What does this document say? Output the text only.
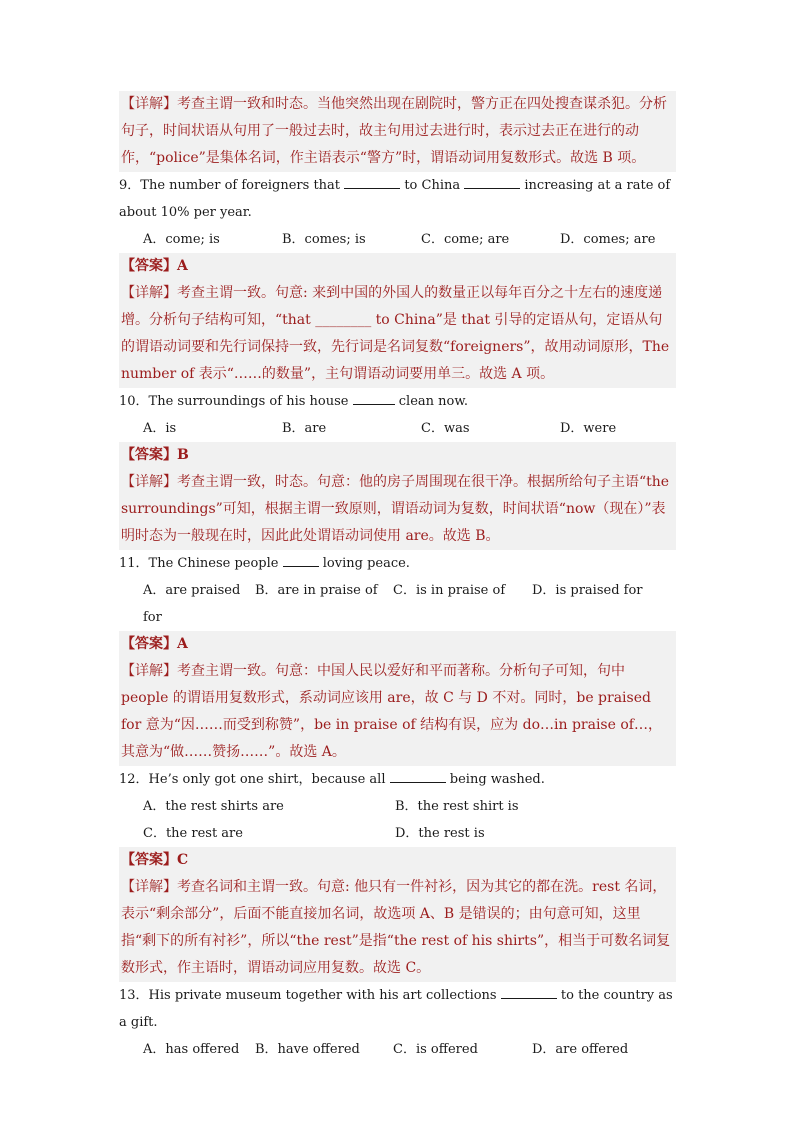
【详解】考查主谓一致和时态。当他突然出现在剧院时，警方正在四处搜查谋杀犯。分析句子，时间状语从句用了一般过去时，故主句用过去进行时，表示过去正在进行的动作，“police”是集体名词，作主语表示“警方”时，谓语动词用复数形式。故选 B 项。
9．The number of foreigners that	to China	increasing at a rate of about 10% per year.
A．come; is	B．comes; is	C．come; are	D．comes; are
【答案】A
【详解】考查主谓一致。句意: 来到中国的外国人的数量正以每年百分之十左右的速度递增。分析句子结构可知，“that ________ to China”是 that 引导的定语从句，定语从句的谓语动词要和先行词保持一致，先行词是名词复数“foreigners”，故用动词原形，The number of 表示“……的数量”，主句谓语动词要用单三。故选 A 项。
10．The surroundings of his house	clean now.
A．is	B．are	C．was	D．were
【答案】B
【详解】考查主谓一致，时态。句意：他的房子周围现在很干净。根据所给句子主语“the surroundings”可知，根据主谓一致原则，谓语动词为复数，时间状语“now（现在）”表明时态为一般现在时，因此此处谓语动词使用 are。故选 B。
11．The Chinese people	loving peace.
A．are praised for
B．are in praise of	C．is in praise of	D．is praised for
【答案】A
【详解】考查主谓一致。句意：中国人民以爱好和平而著称。分析句子可知，句中 people 的谓语用复数形式，系动词应该用 are，故 C 与 D 不对。同时，be praised for 意为“因……而受到称赞”，be in praise of 结构有误，应为 do…in praise of…，其意为“做……赞扬……”。故选 A。
12．He’s only got one shirt，because all	being washed.
A．the rest shirts are	B．the rest shirt is
C．the rest are	D．the rest is
【答案】C
【详解】考查名词和主谓一致。句意: 他只有一件衬衫，因为其它的都在洗。rest 名词，表示“剩余部分”，后面不能直接加名词，故选项 A、B 是错误的；由句意可知，这里指“剩下的所有衬衫”，所以“the rest”是指“the rest of his shirts”，相当于可数名词复数形式，作主语时，谓语动词应用复数。故选 C。
13．His private museum together with his art collections	to the country as a gift.
A．has offered	B．have offered	C．is offered	D．are offered
